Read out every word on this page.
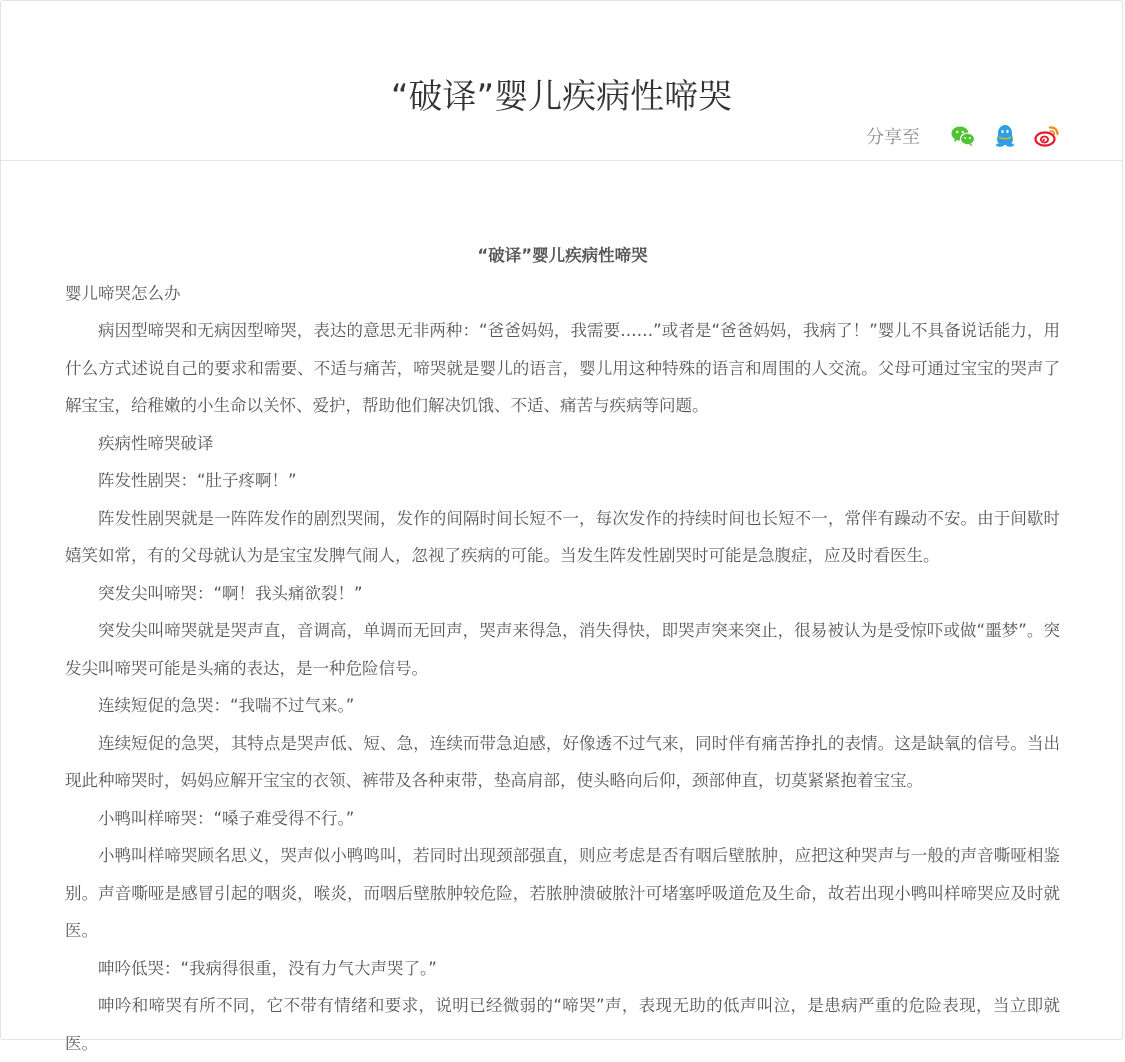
“破译”婴儿疾病性啼哭
分享至

“破译”婴儿疾病性啼哭

婴儿啼哭怎么办

病因型啼哭和无病因型啼哭，表达的意思无非两种：“爸爸妈妈，我需要……”或者是“爸爸妈妈，我病了！”婴儿不具备说话能力，用什么方式述说自己的要求和需要、不适与痛苦，啼哭就是婴儿的语言，婴儿用这种特殊的语言和周围的人交流。父母可通过宝宝的哭声了解宝宝，给稚嫩的小生命以关怀、爱护，帮助他们解决饥饿、不适、痛苦与疾病等问题。

疾病性啼哭破译

阵发性剧哭：“肚子疼啊！”

阵发性剧哭就是一阵阵发作的剧烈哭闹，发作的间隔时间长短不一，每次发作的持续时间也长短不一，常伴有躁动不安。由于间歇时嬉笑如常，有的父母就认为是宝宝发脾气闹人，忽视了疾病的可能。当发生阵发性剧哭时可能是急腹症，应及时看医生。

突发尖叫啼哭：“啊！我头痛欲裂！”

突发尖叫啼哭就是哭声直，音调高，单调而无回声，哭声来得急，消失得快，即哭声突来突止，很易被认为是受惊吓或做“噩梦”。突发尖叫啼哭可能是头痛的表达，是一种危险信号。

连续短促的急哭：“我喘不过气来。”

连续短促的急哭，其特点是哭声低、短、急，连续而带急迫感，好像透不过气来，同时伴有痛苦挣扎的表情。这是缺氧的信号。当出现此种啼哭时，妈妈应解开宝宝的衣领、裤带及各种束带，垫高肩部，使头略向后仰，颈部伸直，切莫紧紧抱着宝宝。

小鸭叫样啼哭：“嗓子难受得不行。”

小鸭叫样啼哭顾名思义，哭声似小鸭鸣叫，若同时出现颈部强直，则应考虑是否有咽后壁脓肿，应把这种哭声与一般的声音嘶哑相鉴别。声音嘶哑是感冒引起的咽炎，喉炎，而咽后壁脓肿较危险，若脓肿溃破脓汁可堵塞呼吸道危及生命，故若出现小鸭叫样啼哭应及时就医。

呻吟低哭：“我病得很重，没有力气大声哭了。”

呻吟和啼哭有所不同，它不带有情绪和要求，说明已经微弱的“啼哭”声，表现无助的低声叫泣，是患病严重的危险表现，当立即就医。
